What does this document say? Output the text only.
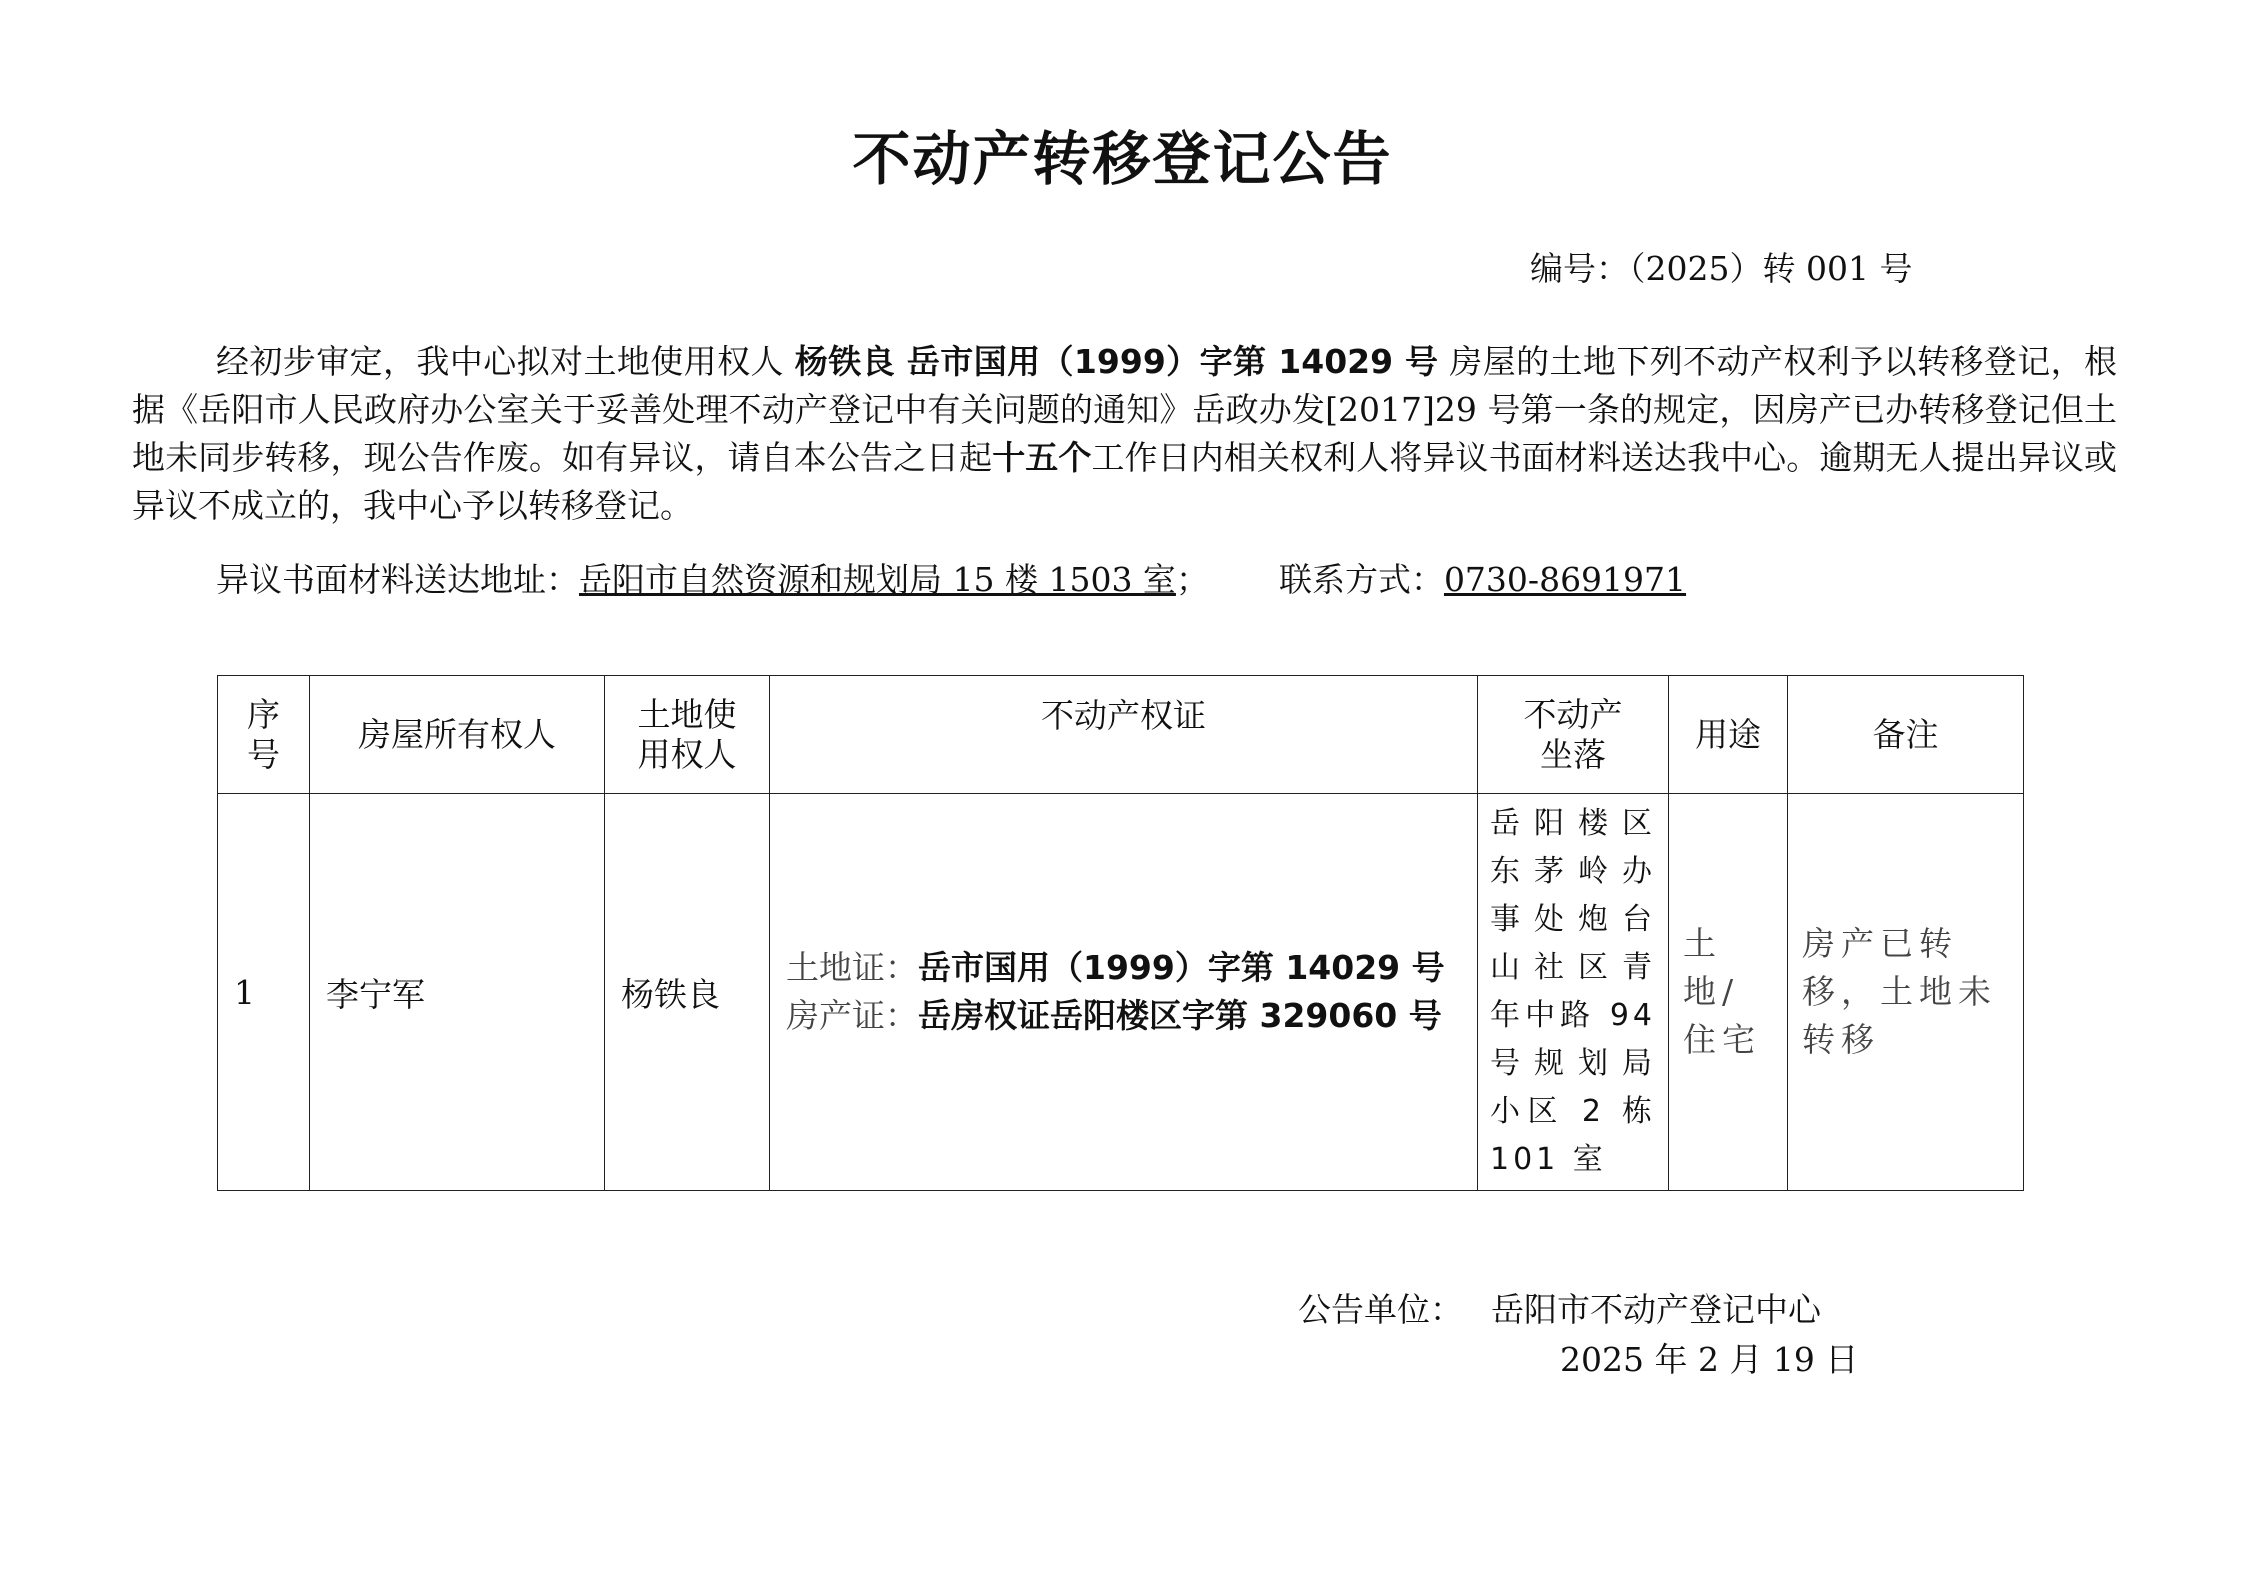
不动产转移登记公告
编号：（2025）转 001 号
经初步审定，我中心拟对土地使用权人 杨铁良 岳市国用（1999）字第 14029 号 房屋的土地下列不动产权利予以转移登记，根据《岳阳市人民政府办公室关于妥善处理不动产登记中有关问题的通知》岳政办发[2017]29 号第一条的规定，因房产已办转移登记但土地未同步转移，现公告作废。如有异议，请自本公告之日起十五个工作日内相关权利人将异议书面材料送达我中心。逾期无人提出异议或异议不成立的，我中心予以转移登记。
异议书面材料送达地址：岳阳市自然资源和规划局 15 楼 1503 室； 联系方式：0730-8691971
序号	房屋所有权人	土地使用权人	不动产权证	不动产坐落	用途	备注
1	李宁军	杨铁良	土地证：岳市国用（1999）字第 14029 号
房产证：岳房权证岳阳楼区字第 329060 号	岳阳楼区东茅岭办事处炮台山社区青年中路 94 号规划局小区 2 栋 101 室	土地/住宅	房产已转移，土地未转移
公告单位： 岳阳市不动产登记中心
2025 年 2 月 19 日
